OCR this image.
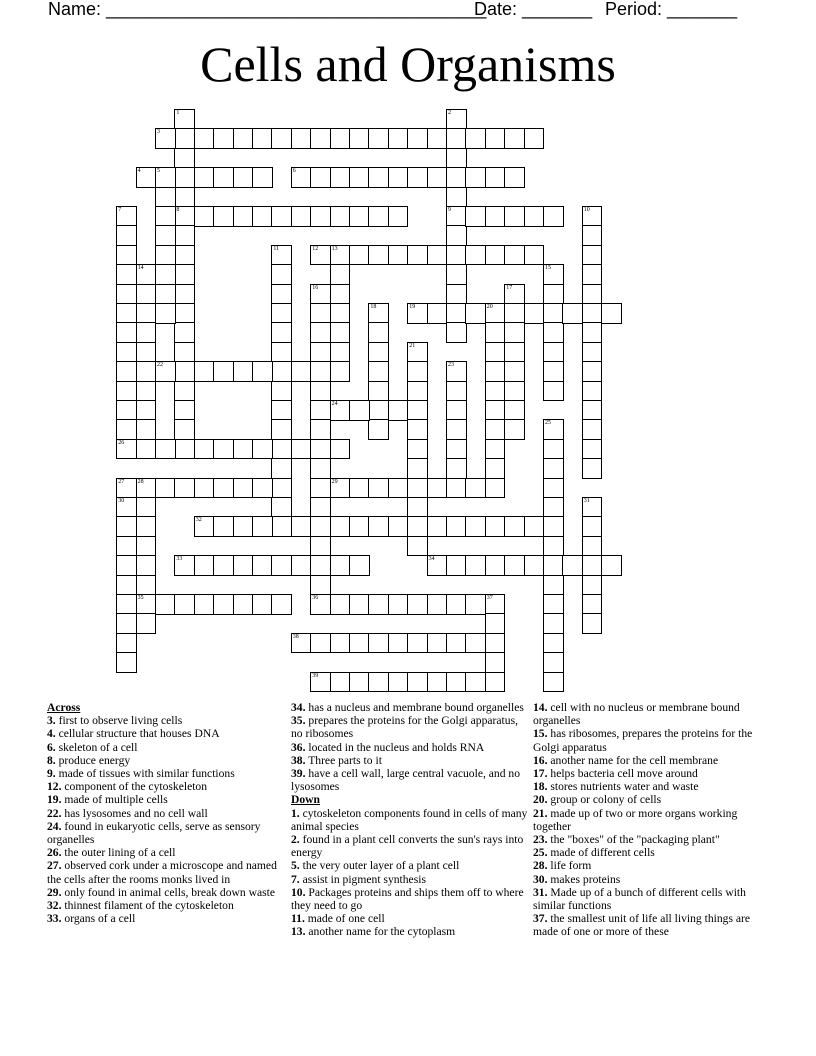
Name: ______________________________________
Date: _______ Period: _______
Cells and Organisms
1
8
2
9
3
4	5	6
7
26
10
11	12 13
14	15
16
36
17
18	19	20
21
22	23
24
25
27 28
35
29
30	31
32
33	34
37
38
39
Across
3. first to observe living cells
4. cellular structure that houses DNA
6. skeleton of a cell
8. produce energy
9. made of tissues with similar functions
12. component of the cytoskeleton
19. made of multiple cells
22. has lysosomes and no cell wall
24. found in eukaryotic cells, serve as sensory organelles
26. the outer lining of a cell
27. observed cork under a microscope and named the cells after the rooms monks lived in
29. only found in animal cells, break down waste
32. thinnest filament of the cytoskeleton
33. organs of a cell
34. has a nucleus and membrane bound organelles
35. prepares the proteins for the Golgi apparatus, no ribosomes
36. located in the nucleus and holds RNA
38. Three parts to it
39. have a cell wall, large central vacuole, and no lysosomes
Down
1. cytoskeleton components found in cells of many animal species
2. found in a plant cell converts the sun's rays into energy
5. the very outer layer of a plant cell
7. assist in pigment synthesis
10. Packages proteins and ships them off to where they need to go
11. made of one cell
13. another name for the cytoplasm
14. cell with no nucleus or membrane bound organelles
15. has ribosomes, prepares the proteins for the Golgi apparatus
16. another name for the cell membrane
17. helps bacteria cell move around
18. stores nutrients water and waste
20. group or colony of cells
21. made up of two or more organs working together
23. the "boxes" of the "packaging plant"
25. made of different cells
28. life form
30. makes proteins
31. Made up of a bunch of different cells with similar functions
37. the smallest unit of life all living things are made of one or more of these
